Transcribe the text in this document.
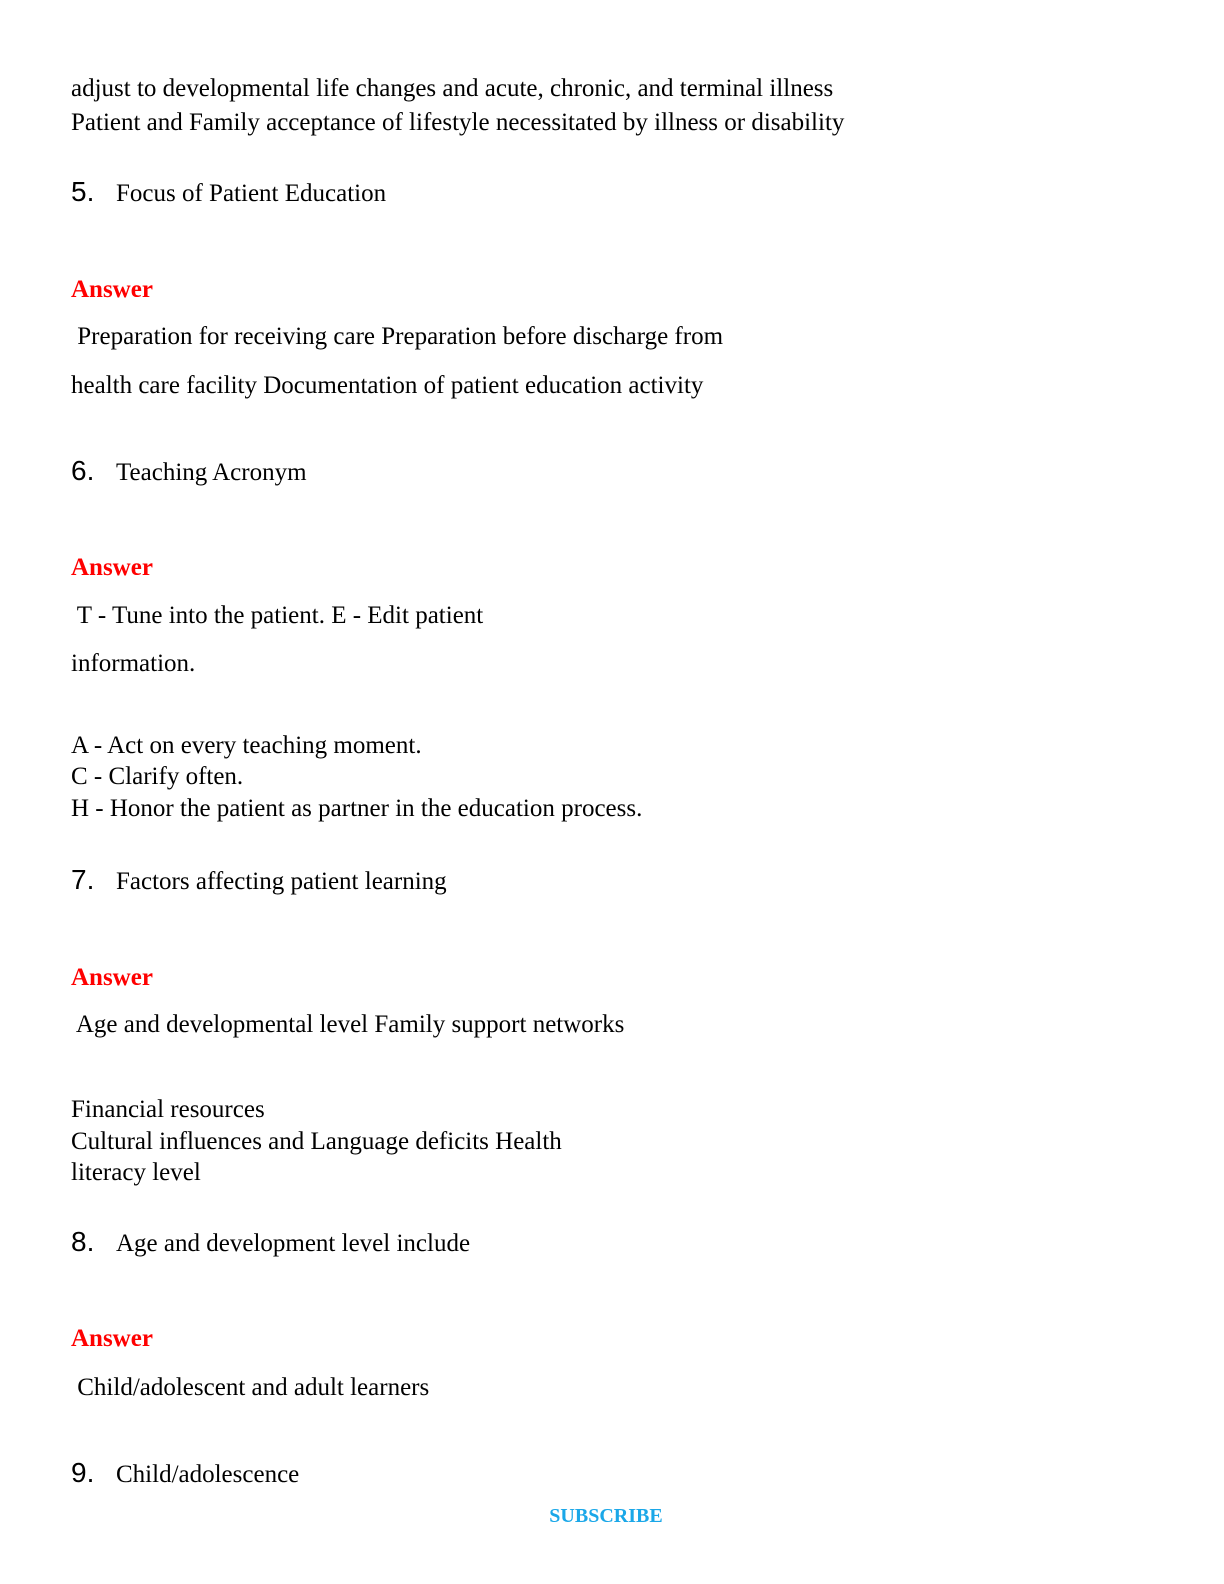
adjust to developmental life changes and acute, chronic, and terminal illness
Patient and Family acceptance of lifestyle necessitated by illness or disability
5. Focus of Patient Education
Answer
Preparation for receiving care Preparation before discharge from
health care facility Documentation of patient education activity
6. Teaching Acronym
Answer
T - Tune into the patient. E - Edit patient
information.
A - Act on every teaching moment.
C - Clarify often.
H - Honor the patient as partner in the education process.
7. Factors affecting patient learning
Answer
Age and developmental level Family support networks
Financial resources
Cultural influences and Language deficits Health
literacy level
8. Age and development level include
Answer
Child/adolescent and adult learners
9. Child/adolescence
SUBSCRIBE
